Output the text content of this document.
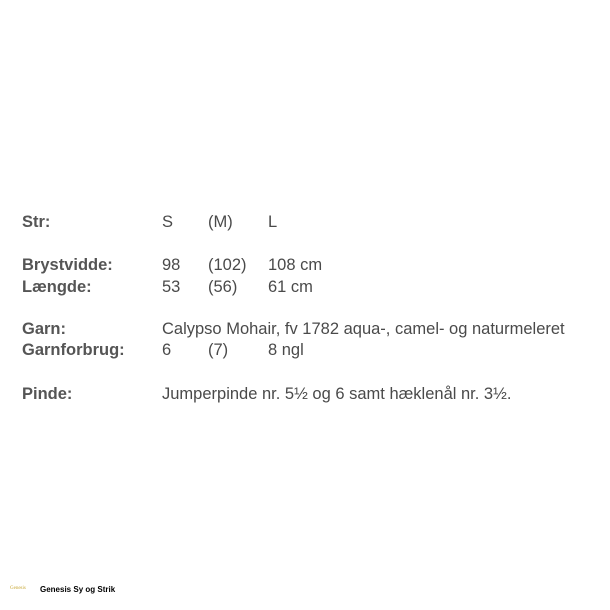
Str:	S (M) L
Brystvidde:	98 (102) 108 cm
Længde:	53 (56) 61 cm
Garn:	Calypso Mohair, fv 1782 aqua-, camel- og naturmeleret
Garnforbrug: 6 (7) 8 ngl
Pinde:	Jumperpinde nr. 5½ og 6 samt hæklenål nr. 3½.
Genesis Genesis Sy og Strik
